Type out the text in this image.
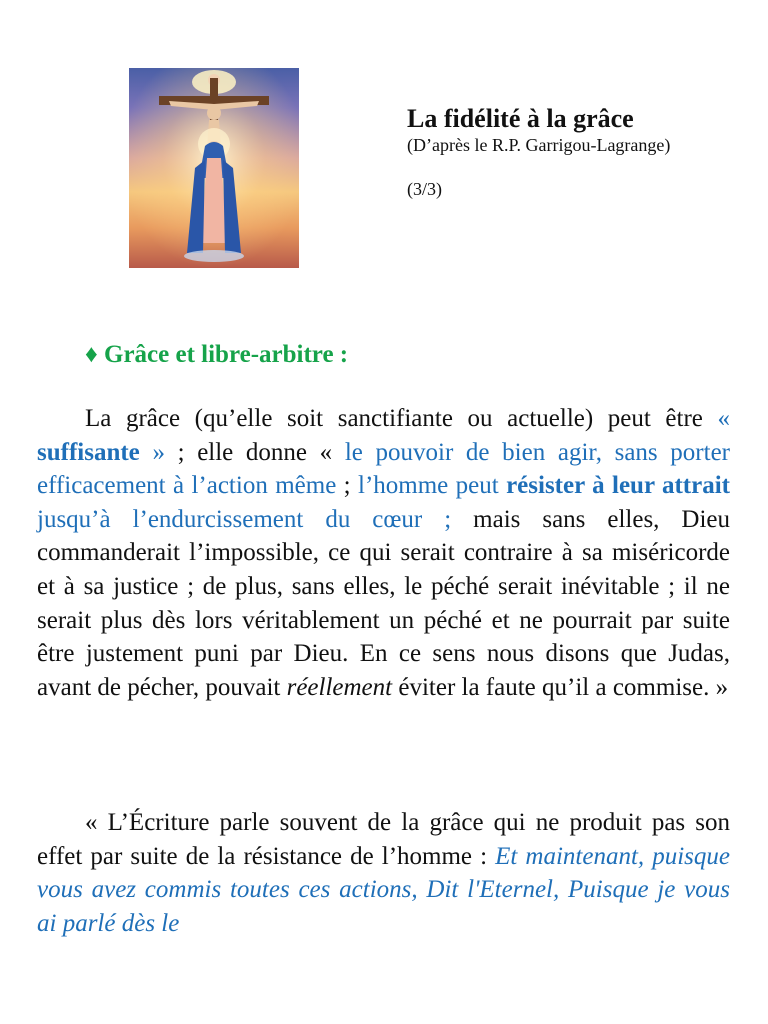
La fidélité à la grâce
(D’après le R.P. Garrigou-Lagrange)
(3/3)
♦ Grâce et libre-arbitre :

La grâce (qu’elle soit sanctifiante ou actuelle) peut être « suffisante » ; elle donne « le pouvoir de bien agir, sans porter efficacement à l’action même ; l’homme peut résister à leur attrait jusqu’à l’endurcissement du cœur ; mais sans elles, Dieu commanderait l’impossible, ce qui serait contraire à sa miséricorde et à sa justice ; de plus, sans elles, le péché serait inévitable ; il ne serait plus dès lors véritablement un péché et ne pourrait par suite être justement puni par Dieu. En ce sens nous disons que Judas, avant de pécher, pouvait réellement éviter la faute qu’il a commise. »

« L’Écriture parle souvent de la grâce qui ne produit pas son effet par suite de la résistance de l’homme : Et maintenant, puisque vous avez commis toutes ces actions, Dit l'Eternel, Puisque je vous ai parlé dès le
